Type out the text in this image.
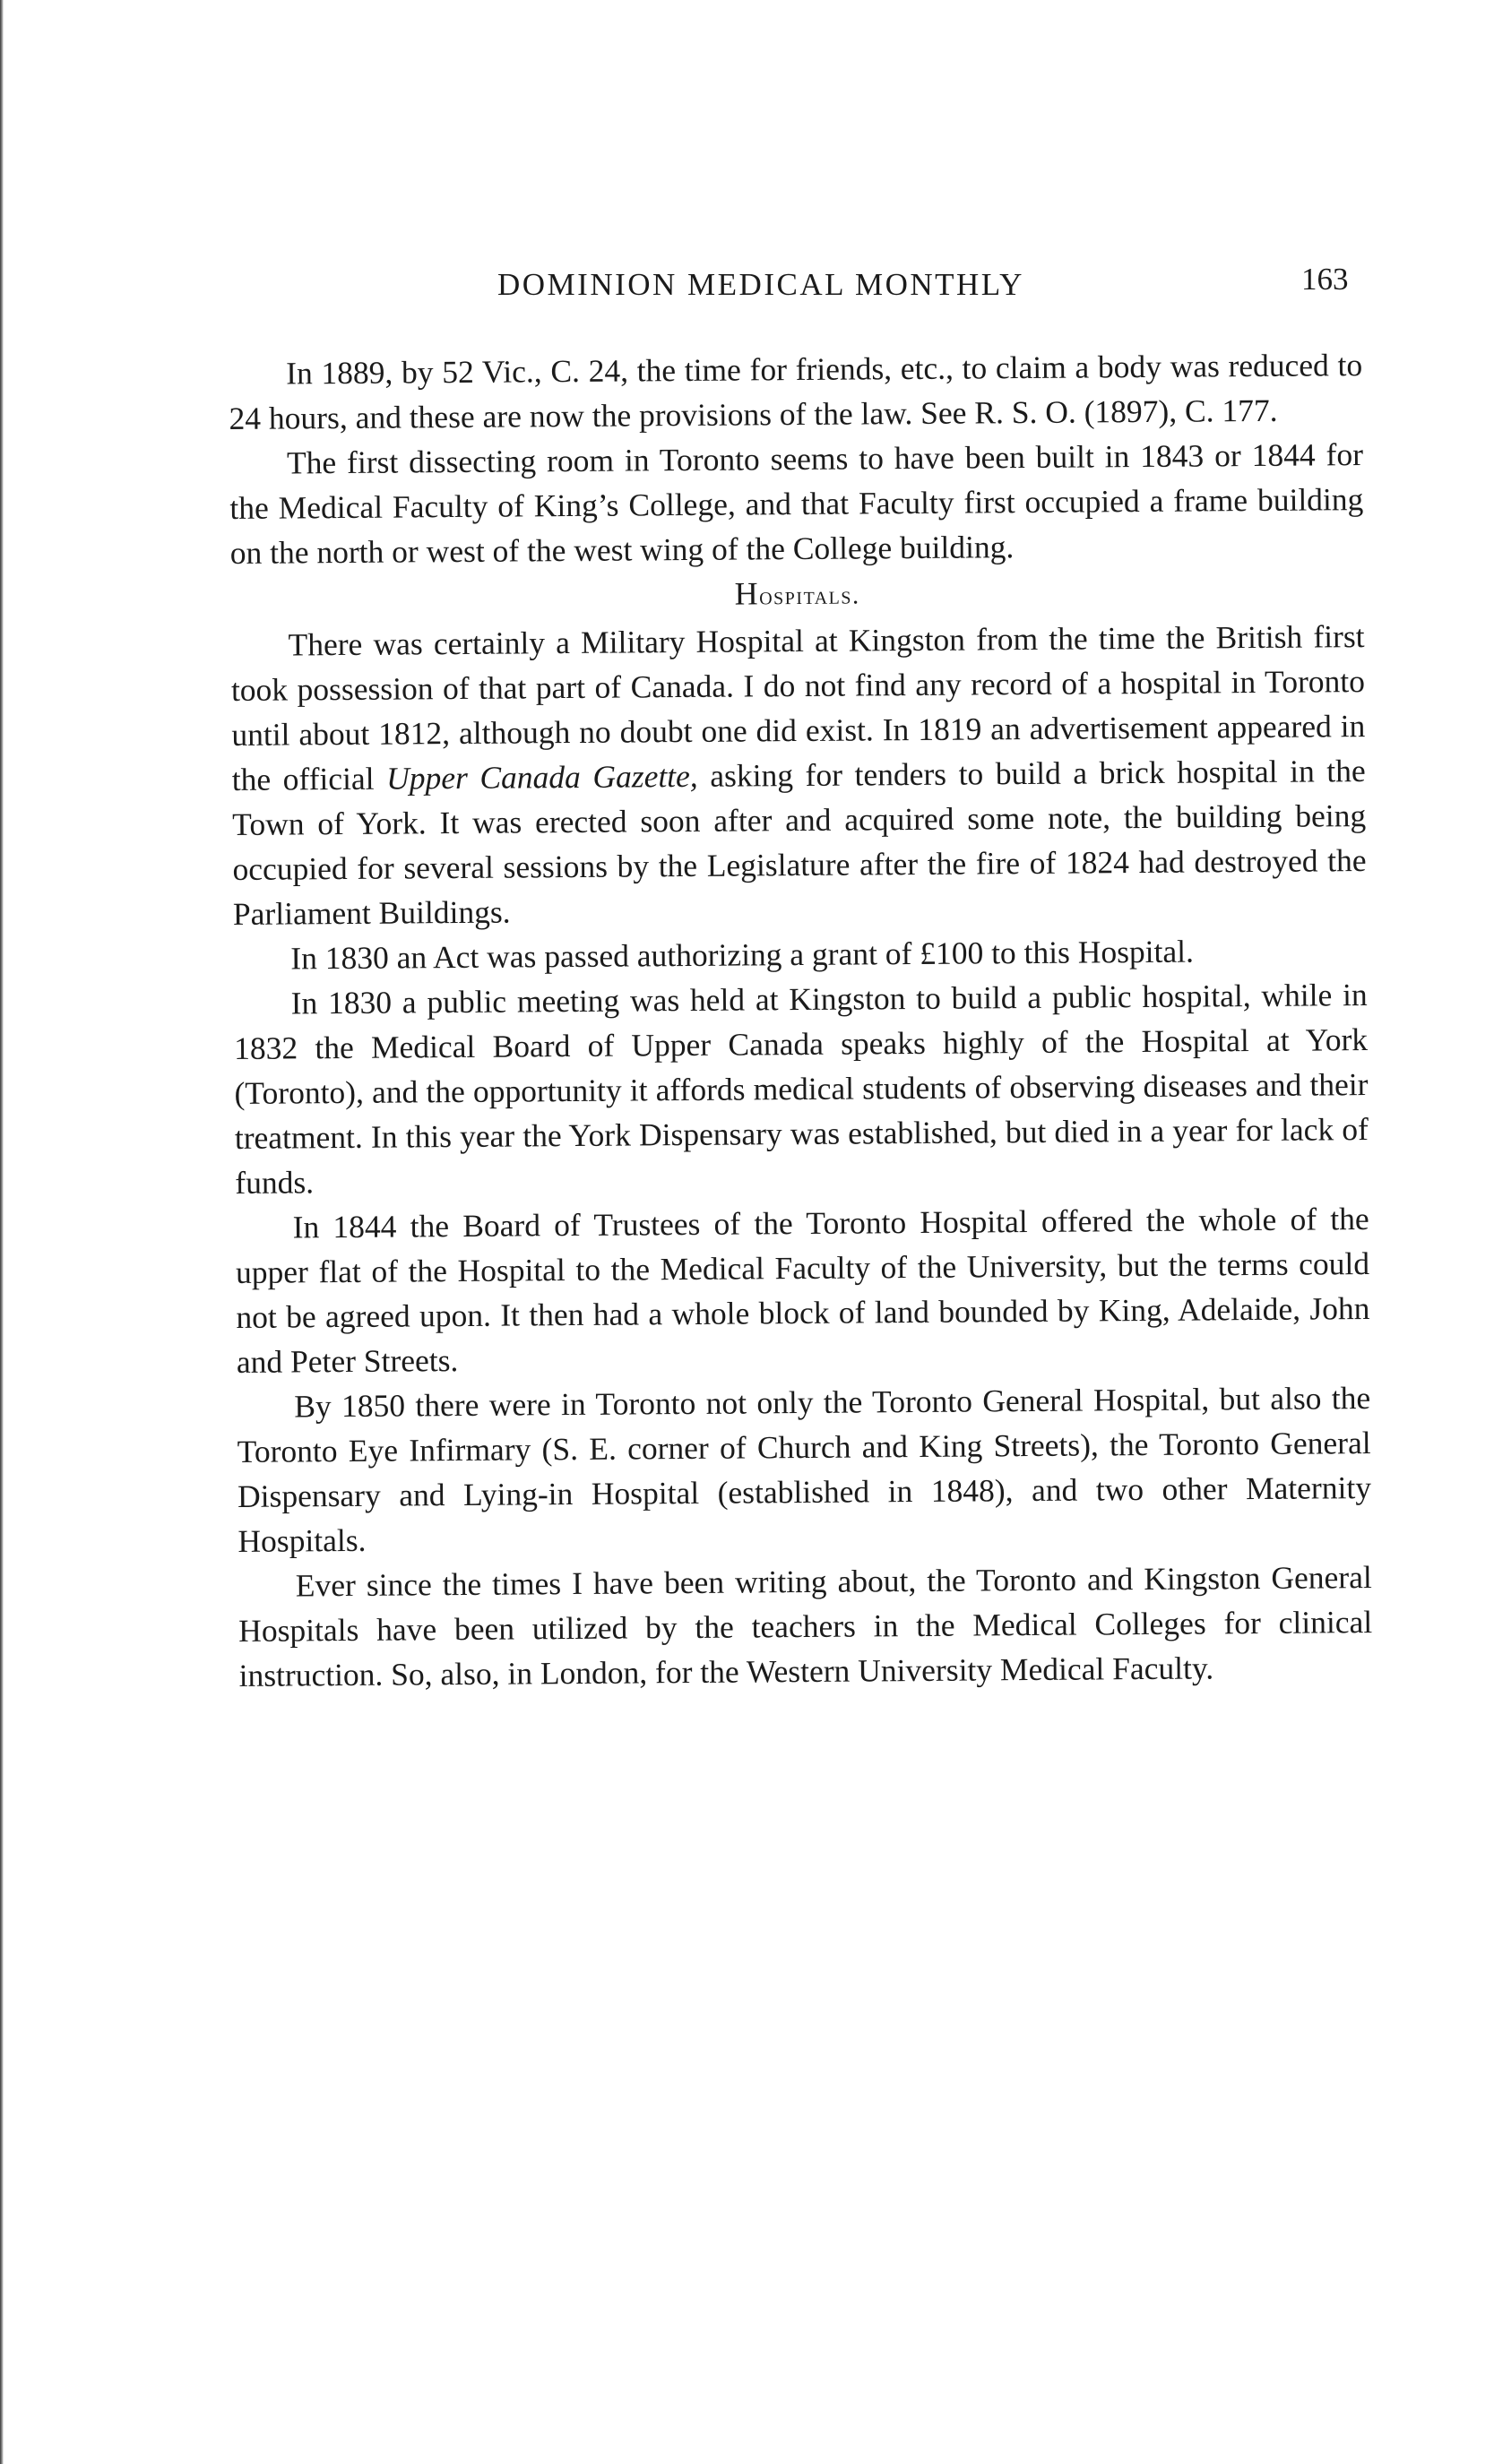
DOMINION MEDICAL MONTHLY	163

In 1889, by 52 Vic., C. 24, the time for friends, etc., to claim a body was reduced to 24 hours, and these are now the provisions of the law. See R. S. O. (1897), C. 177.

The first dissecting room in Toronto seems to have been built in 1843 or 1844 for the Medical Faculty of King’s College, and that Faculty first occupied a frame building on the north or west of the west wing of the College building.

Hospitals.

There was certainly a Military Hospital at Kingston from the time the British first took possession of that part of Canada. I do not find any record of a hospital in Toronto until about 1812, although no doubt one did exist. In 1819 an advertisement appeared in the official Upper Canada Gazette, asking for tenders to build a brick hospital in the Town of York. It was erected soon after and acquired some note, the building being occupied for several sessions by the Legislature after the fire of 1824 had destroyed the Parliament Buildings.

In 1830 an Act was passed authorizing a grant of £100 to this Hospital.

In 1830 a public meeting was held at Kingston to build a public hospital, while in 1832 the Medical Board of Upper Canada speaks highly of the Hospital at York (Toronto), and the opportunity it affords medical students of observing diseases and their treatment. In this year the York Dispensary was established, but died in a year for lack of funds.

In 1844 the Board of Trustees of the Toronto Hospital offered the whole of the upper flat of the Hospital to the Medical Faculty of the University, but the terms could not be agreed upon. It then had a whole block of land bounded by King, Adelaide, John and Peter Streets.

By 1850 there were in Toronto not only the Toronto General Hospital, but also the Toronto Eye Infirmary (S. E. corner of Church and King Streets), the Toronto General Dispensary and Lying-in Hospital (established in 1848), and two other Maternity Hospitals.

Ever since the times I have been writing about, the Toronto and Kingston General Hospitals have been utilized by the teachers in the Medical Colleges for clinical instruction. So, also, in London, for the Western University Medical Faculty.
